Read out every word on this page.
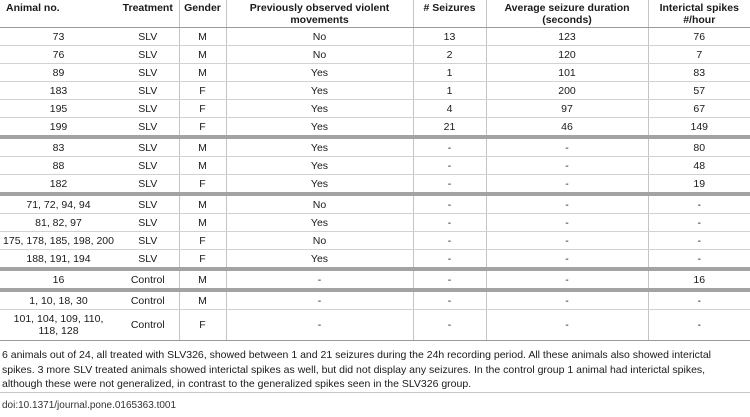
Animal no.	Treatment	Gender	Previously observed violent movements	# Seizures	Average seizure duration (seconds)	Interictal spikes #/hour
73	SLV	M	No	13	123	76
76	SLV	M	No	2	120	7
89	SLV	M	Yes	1	101	83
183	SLV	F	Yes	1	200	57
195	SLV	F	Yes	4	97	67
199	SLV	F	Yes	21	46	149
83	SLV	M	Yes	-	-	80
88	SLV	M	Yes	-	-	48
182	SLV	F	Yes	-	-	19
71, 72, 94, 94	SLV	M	No	-	-	-
81, 82, 97	SLV	M	Yes	-	-	-
175, 178, 185, 198, 200	SLV	F	No	-	-	-
188, 191, 194	SLV	F	Yes	-	-	-
16	Control	M	-	-	-	16
1, 10, 18, 30	Control	M	-	-	-	-
101, 104, 109, 110, 118, 128	Control	F	-	-	-	-

6 animals out of 24, all treated with SLV326, showed between 1 and 21 seizures during the 24h recording period. All these animals also showed interictal

spikes. 3 more SLV treated animals showed interictal spikes as well, but did not display any seizures. In the control group 1 animal had interictal spikes,

although these were not generalized, in contrast to the generalized spikes seen in the SLV326 group.

doi:10.1371/journal.pone.0165363.t001
